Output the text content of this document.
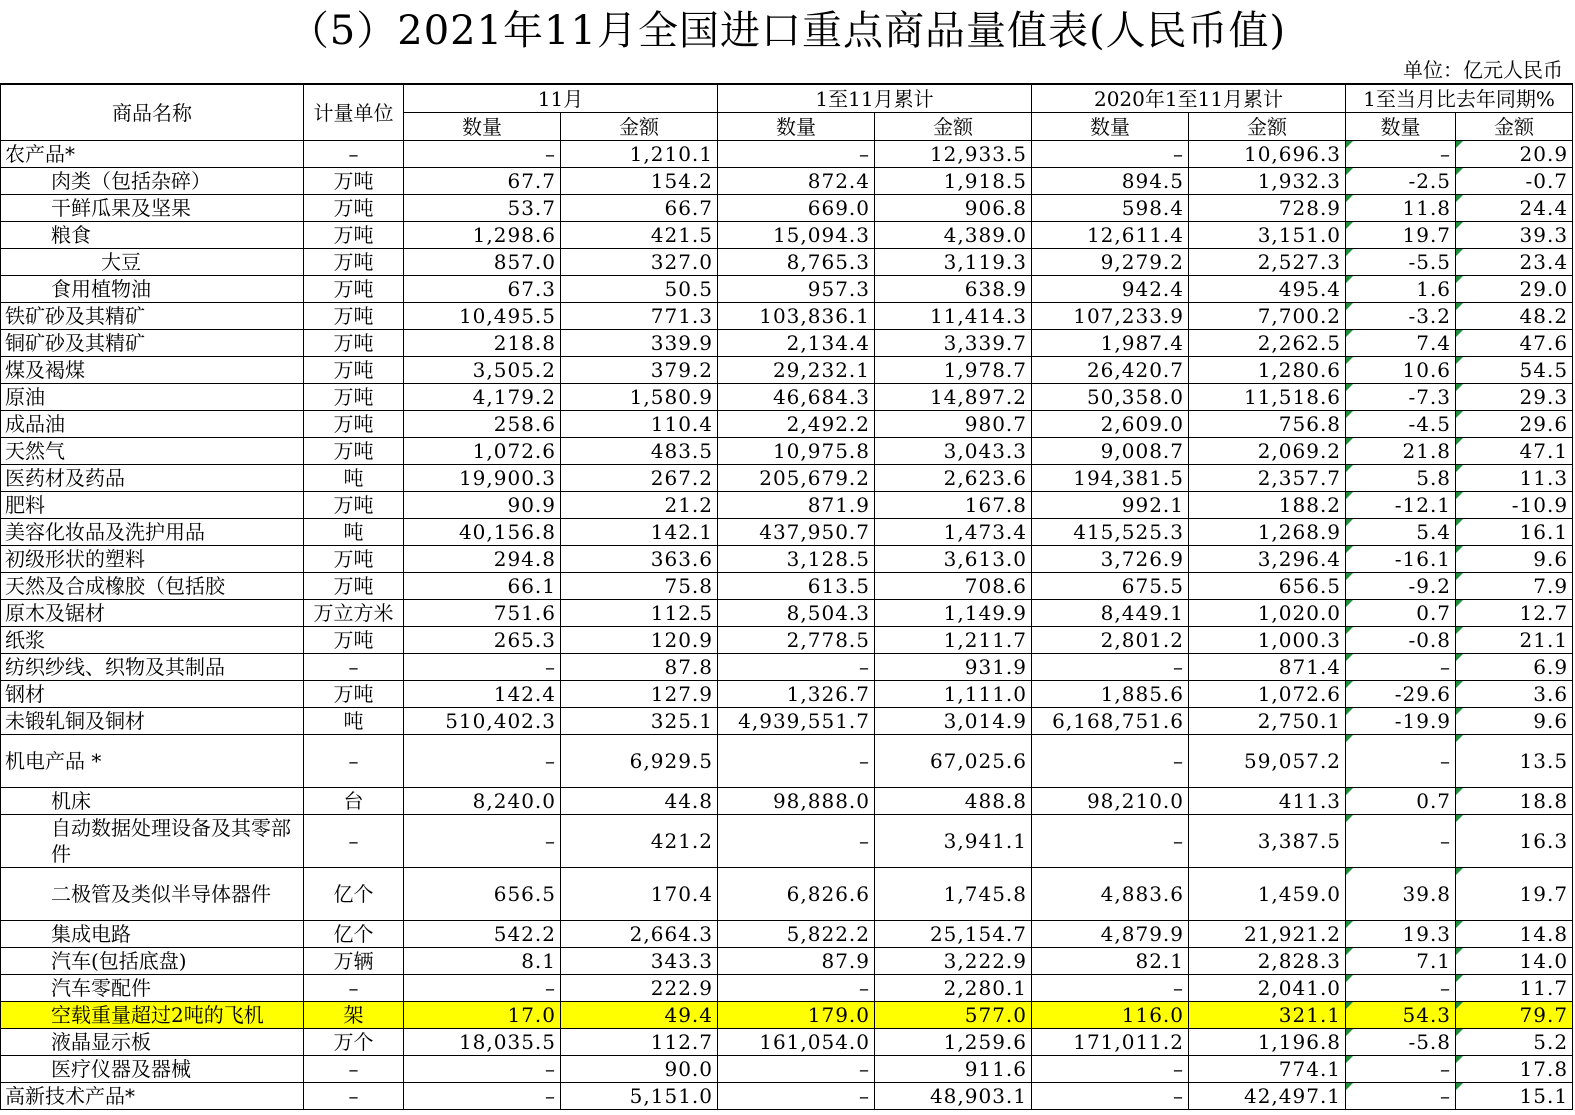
（5）2021年11月全国进口重点商品量值表(人民币值)
单位：亿元人民币
商品名称	计量单位	11月		1至11月累计		2020年1至11月累计		1至当月比去年同期%	
		数量	金额	数量	金额	数量	金额	数量	金额
农产品*	–	–	1,210.1	–	12,933.5	–	10,696.3	–	20.9
肉类（包括杂碎）	万吨	67.7	154.2	872.4	1,918.5	894.5	1,932.3	-2.5	-0.7
干鲜瓜果及坚果	万吨	53.7	66.7	669.0	906.8	598.4	728.9	11.8	24.4
粮食	万吨	1,298.6	421.5	15,094.3	4,389.0	12,611.4	3,151.0	19.7	39.3
大豆	万吨	857.0	327.0	8,765.3	3,119.3	9,279.2	2,527.3	-5.5	23.4
食用植物油	万吨	67.3	50.5	957.3	638.9	942.4	495.4	1.6	29.0
铁矿砂及其精矿	万吨	10,495.5	771.3	103,836.1	11,414.3	107,233.9	7,700.2	-3.2	48.2
铜矿砂及其精矿	万吨	218.8	339.9	2,134.4	3,339.7	1,987.4	2,262.5	7.4	47.6
煤及褐煤	万吨	3,505.2	379.2	29,232.1	1,978.7	26,420.7	1,280.6	10.6	54.5
原油	万吨	4,179.2	1,580.9	46,684.3	14,897.2	50,358.0	11,518.6	-7.3	29.3
成品油	万吨	258.6	110.4	2,492.2	980.7	2,609.0	756.8	-4.5	29.6
天然气	万吨	1,072.6	483.5	10,975.8	3,043.3	9,008.7	2,069.2	21.8	47.1
医药材及药品	吨	19,900.3	267.2	205,679.2	2,623.6	194,381.5	2,357.7	5.8	11.3
肥料	万吨	90.9	21.2	871.9	167.8	992.1	188.2	-12.1	-10.9
美容化妆品及洗护用品	吨	40,156.8	142.1	437,950.7	1,473.4	415,525.3	1,268.9	5.4	16.1
初级形状的塑料	万吨	294.8	363.6	3,128.5	3,613.0	3,726.9	3,296.4	-16.1	9.6
天然及合成橡胶（包括胶	万吨	66.1	75.8	613.5	708.6	675.5	656.5	-9.2	7.9
原木及锯材	万立方米	751.6	112.5	8,504.3	1,149.9	8,449.1	1,020.0	0.7	12.7
纸浆	万吨	265.3	120.9	2,778.5	1,211.7	2,801.2	1,000.3	-0.8	21.1
纺织纱线、织物及其制品	–	–	87.8	–	931.9	–	871.4	–	6.9
钢材	万吨	142.4	127.9	1,326.7	1,111.0	1,885.6	1,072.6	-29.6	3.6
未锻轧铜及铜材	吨	510,402.3	325.1	4,939,551.7	3,014.9	6,168,751.6	2,750.1	-19.9	9.6
机电产品 *	–	–	6,929.5	–	67,025.6	–	59,057.2	–	13.5
机床	台	8,240.0	44.8	98,888.0	488.8	98,210.0	411.3	0.7	18.8
自动数据处理设备及其零部件	–	–	421.2	–	3,941.1	–	3,387.5	–	16.3
二极管及类似半导体器件	亿个	656.5	170.4	6,826.6	1,745.8	4,883.6	1,459.0	39.8	19.7
集成电路	亿个	542.2	2,664.3	5,822.2	25,154.7	4,879.9	21,921.2	19.3	14.8
汽车(包括底盘)	万辆	8.1	343.3	87.9	3,222.9	82.1	2,828.3	7.1	14.0
汽车零配件	–	–	222.9	–	2,280.1	–	2,041.0	–	11.7
空载重量超过2吨的飞机	架	17.0	49.4	179.0	577.0	116.0	321.1	54.3	79.7
液晶显示板	万个	18,035.5	112.7	161,054.0	1,259.6	171,011.2	1,196.8	-5.8	5.2
医疗仪器及器械	–	–	90.0	–	911.6	–	774.1	–	17.8
高新技术产品*	–	–	5,151.0	–	48,903.1	–	42,497.1	–	15.1
